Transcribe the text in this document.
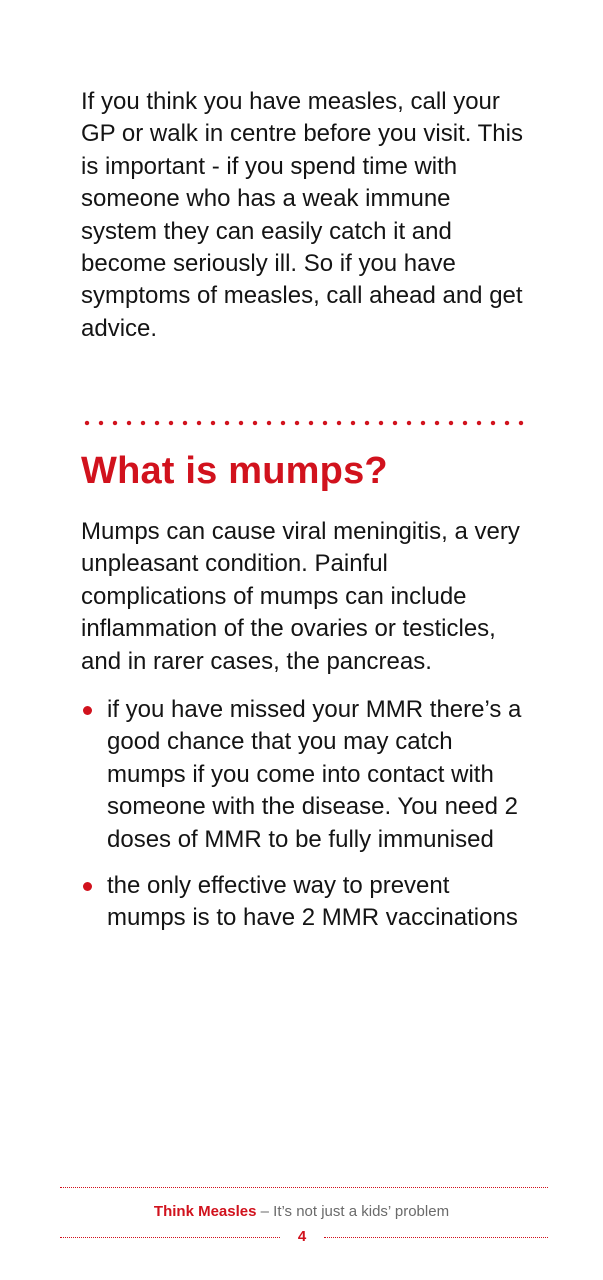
If you think you have measles, call your GP or walk in centre before you visit. This is important - if you spend time with someone who has a weak immune system they can easily catch it and become seriously ill. So if you have symptoms of measles, call ahead and get advice.

What is mumps?

Mumps can cause viral meningitis, a very unpleasant condition. Painful complications of mumps can include inflammation of the ovaries or testicles, and in rarer cases, the pancreas.

if you have missed your MMR there’s a good chance that you may catch mumps if you come into contact with someone with the disease. You need 2 doses of MMR to be fully immunised
the only effective way to prevent mumps is to have 2 MMR vaccinations
Think Measles – It’s not just a kids’ problem
4
